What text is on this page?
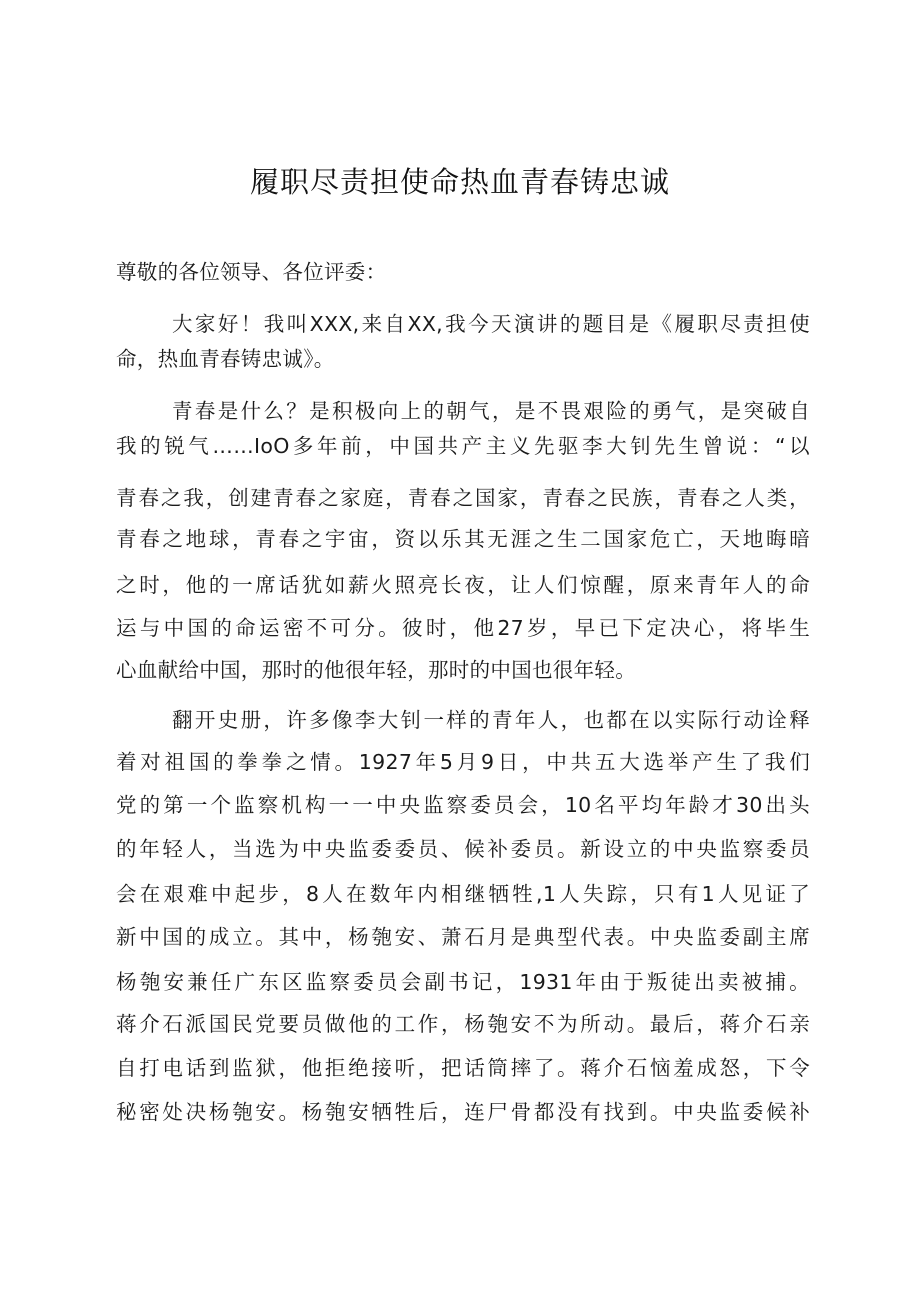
履职尽责担使命热血青春铸忠诚
尊敬的各位领导、各位评委：
大家好！我叫XXX,来自XX,我今天演讲的题目是《履职尽责担使
命，热血青春铸忠诚》。
青春是什么？是积极向上的朝气，是不畏艰险的勇气，是突破自
我的锐气……IoO多年前，中国共产主义先驱李大钊先生曾说：“以
青春之我，创建青春之家庭，青春之国家，青春之民族，青春之人类，
青春之地球，青春之宇宙，资以乐其无涯之生二国家危亡，天地晦暗
之时，他的一席话犹如薪火照亮长夜，让人们惊醒，原来青年人的命
运与中国的命运密不可分。彼时，他27岁，早已下定决心，将毕生
心血献给中国，那时的他很年轻，那时的中国也很年轻。
翻开史册，许多像李大钊一样的青年人，也都在以实际行动诠释
着对祖国的拳拳之情。1927年5月9日，中共五大选举产生了我们
党的第一个监察机构一一中央监察委员会，10名平均年龄才30出头
的年轻人，当选为中央监委委员、候补委员。新设立的中央监察委员
会在艰难中起步，8人在数年内相继牺牲,1人失踪，只有1人见证了
新中国的成立。其中，杨匏安、萧石月是典型代表。中央监委副主席
杨匏安兼任广东区监察委员会副书记，1931年由于叛徒出卖被捕。
蒋介石派国民党要员做他的工作，杨匏安不为所动。最后，蒋介石亲
自打电话到监狱，他拒绝接听，把话筒摔了。蒋介石恼羞成怒，下令
秘密处决杨匏安。杨匏安牺牲后，连尸骨都没有找到。中央监委候补
